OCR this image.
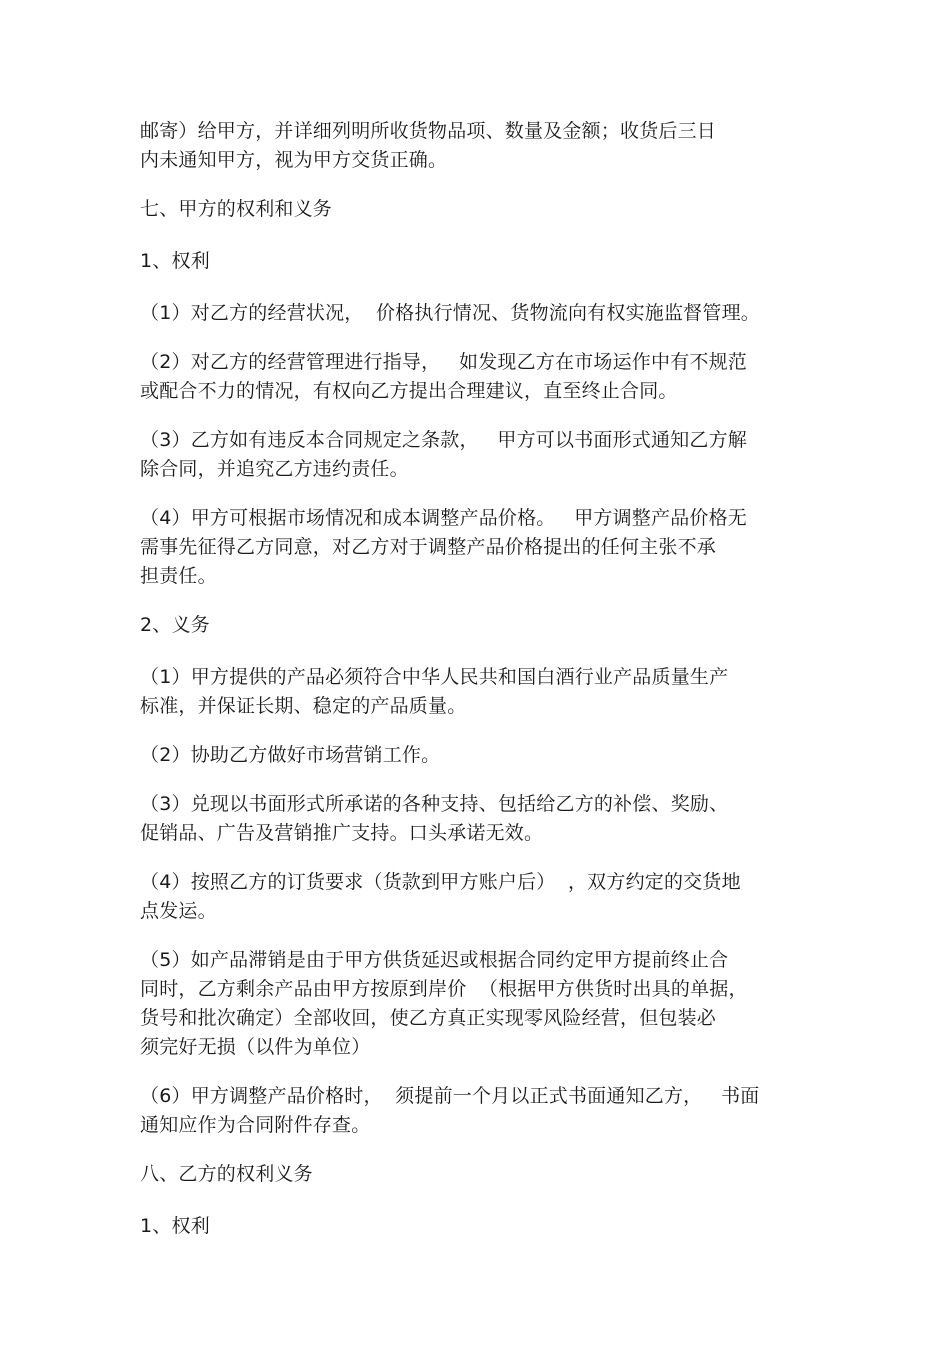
邮寄）给甲方，并详细列明所收货物品项、数量及金额；收货后三日
内未通知甲方，视为甲方交货正确。
七、甲方的权利和义务
1、权利
（1）对乙方的经营状况，  价格执行情况、货物流向有权实施监督管理。
（2）对乙方的经营管理进行指导，   如发现乙方在市场运作中有不规范
或配合不力的情况，有权向乙方提出合理建议，直至终止合同。
（3）乙方如有违反本合同规定之条款，   甲方可以书面形式通知乙方解
除合同，并追究乙方违约责任。
（4）甲方可根据市场情况和成本调整产品价格。   甲方调整产品价格无
需事先征得乙方同意，对乙方对于调整产品价格提出的任何主张不承
担责任。
2、义务
（1）甲方提供的产品必须符合中华人民共和国白酒行业产品质量生产
标准，并保证长期、稳定的产品质量。
（2）协助乙方做好市场营销工作。
（3）兑现以书面形式所承诺的各种支持、包括给乙方的补偿、奖励、
促销品、广告及营销推广支持。口头承诺无效。
（4）按照乙方的订货要求（货款到甲方账户后）  ，双方约定的交货地
点发运。
（5）如产品滞销是由于甲方供货延迟或根据合同约定甲方提前终止合
同时，乙方剩余产品由甲方按原到岸价  （根据甲方供货时出具的单据，
货号和批次确定）全部收回，使乙方真正实现零风险经营，但包装必
须完好无损（以件为单位）
（6）甲方调整产品价格时，  须提前一个月以正式书面通知乙方，   书面
通知应作为合同附件存查。
八、乙方的权利义务
1、权利
